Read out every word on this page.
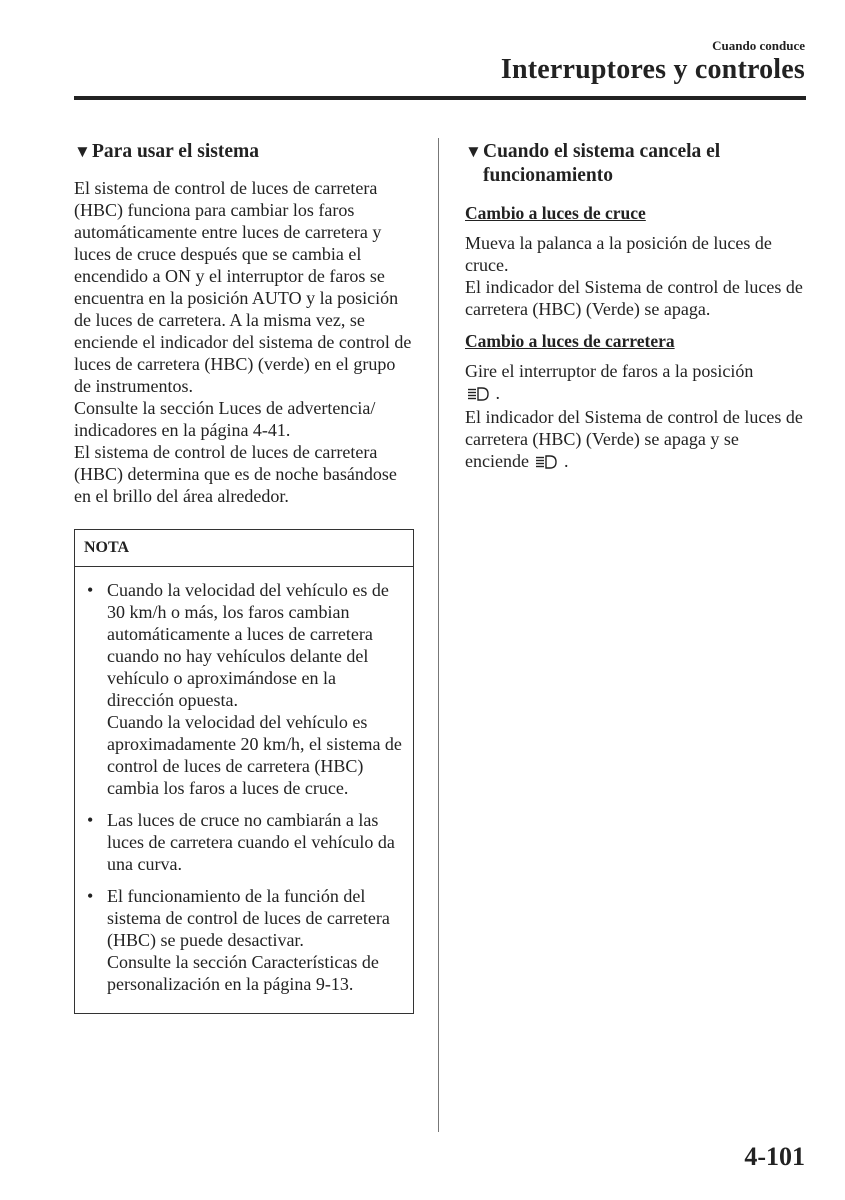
Cuando conduce
Interruptores y controles
▼ Para usar el sistema

El sistema de control de luces de carretera (HBC) funciona para cambiar los faros automáticamente entre luces de carretera y luces de cruce después que se cambia el encendido a ON y el interruptor de faros se encuentra en la posición AUTO y la posición de luces de carretera. A la misma vez, se enciende el indicador del sistema de control de luces de carretera (HBC) (verde) en el grupo de instrumentos.
Consulte la sección Luces de advertencia/ indicadores en la página 4-41.
El sistema de control de luces de carretera (HBC) determina que es de noche basándose en el brillo del área alrededor.

NOTA
• Cuando la velocidad del vehículo es de 30 km/h o más, los faros cambian automáticamente a luces de carretera cuando no hay vehículos delante del vehículo o aproximándose en la dirección opuesta.
Cuando la velocidad del vehículo es aproximadamente 20 km/h, el sistema de control de luces de carretera (HBC) cambia los faros a luces de cruce.
• Las luces de cruce no cambiarán a las luces de carretera cuando el vehículo da una curva.
• El funcionamiento de la función del sistema de control de luces de carretera (HBC) se puede desactivar.
Consulte la sección Características de personalización en la página 9-13.
▼ Cuando el sistema cancela el funcionamiento
Cambio a luces de cruce

Mueva la palanca a la posición de luces de cruce.
El indicador del Sistema de control de luces de carretera (HBC) (Verde) se apaga.

Cambio a luces de carretera

Gire el interruptor de faros a la posición
.
El indicador del Sistema de control de luces de carretera (HBC) (Verde) se apaga y se enciende .

4-101
